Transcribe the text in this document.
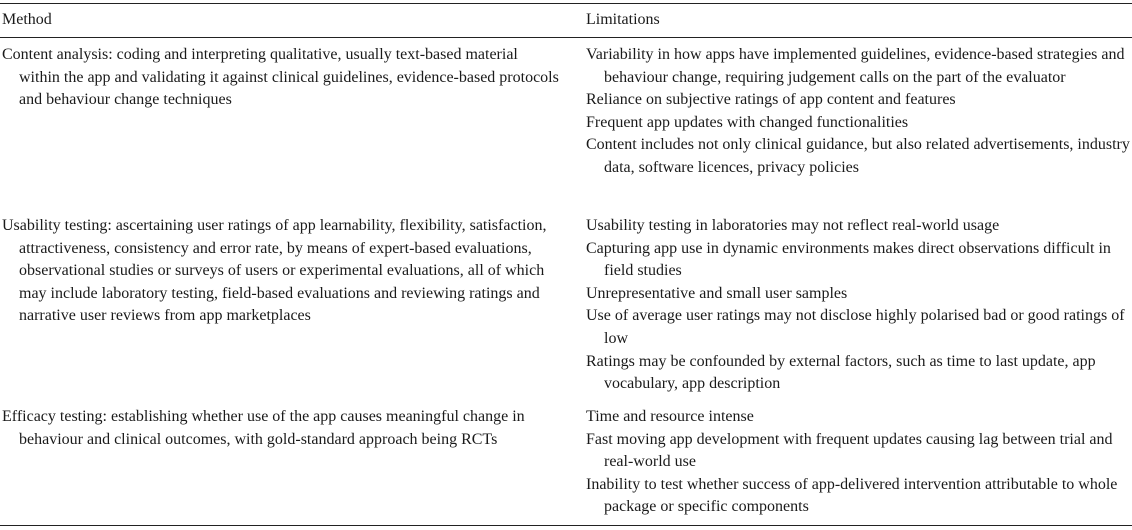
Method	Limitations
Content analysis: coding and interpreting qualitative, usually text-based material within the app and validating it against clinical guidelines, evidence-based protocols and behaviour change techniques
Variability in how apps have implemented guidelines, evidence-based strategies and behaviour change, requiring judgement calls on the part of the evaluator
Reliance on subjective ratings of app content and features
Frequent app updates with changed functionalities
Content includes not only clinical guidance, but also related advertisements, industry data, software licences, privacy policies
Usability testing: ascertaining user ratings of app learnability, flexibility, satisfaction, attractiveness, consistency and error rate, by means of expert-based evaluations, observational studies or surveys of users or experimental evaluations, all of which may include laboratory testing, field-based evaluations and reviewing ratings and narrative user reviews from app marketplaces
Usability testing in laboratories may not reflect real-world usage
Capturing app use in dynamic environments makes direct observations difficult in field studies
Unrepresentative and small user samples
Use of average user ratings may not disclose highly polarised bad or good ratings of low
Ratings may be confounded by external factors, such as time to last update, app vocabulary, app description
Efficacy testing: establishing whether use of the app causes meaningful change in behaviour and clinical outcomes, with gold-standard approach being RCTs
Time and resource intense
Fast moving app development with frequent updates causing lag between trial and real-world use
Inability to test whether success of app-delivered intervention attributable to whole package or specific components
